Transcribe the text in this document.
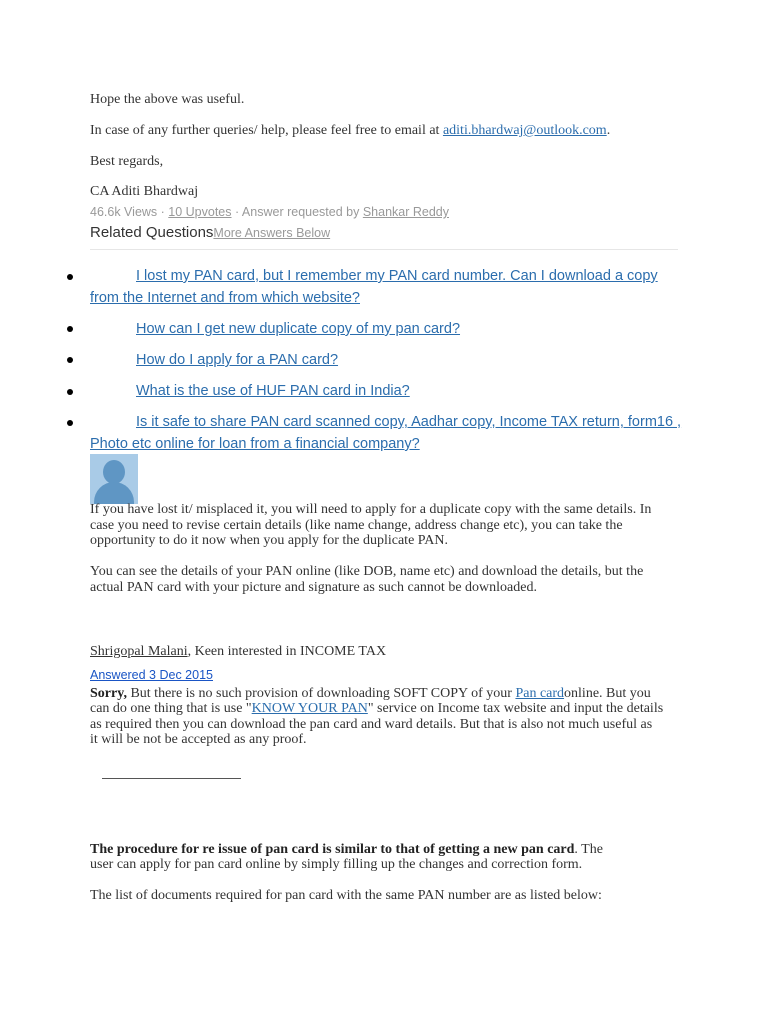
Hope the above was useful.
In case of any further queries/ help, please feel free to email at aditi.bhardwaj@outlook.com.
Best regards,
CA Aditi Bhardwaj
46.6k Views · 10 Upvotes · Answer requested by Shankar Reddy
Related QuestionsMore Answers Below
I lost my PAN card, but I remember my PAN card number. Can I download a copy
from the Internet and from which website?
How can I get new duplicate copy of my pan card?
How do I apply for a PAN card?
What is the use of HUF PAN card in India?
Is it safe to share PAN card scanned copy, Aadhar copy, Income TAX return, form16 ,
Photo etc online for loan from a financial company?
If you have lost it/ misplaced it, you will need to apply for a duplicate copy with the same details. In
case you need to revise certain details (like name change, address change etc), you can take the
opportunity to do it now when you apply for the duplicate PAN.
You can see the details of your PAN online (like DOB, name etc) and download the details, but the
actual PAN card with your picture and signature as such cannot be downloaded.
Shrigopal Malani, Keen interested in INCOME TAX
Answered 3 Dec 2015
Sorry, But there is no such provision of downloading SOFT COPY of your Pan cardonline. But you
can do one thing that is use "KNOW YOUR PAN" service on Income tax website and input the details
as required then you can download the pan card and ward details. But that is also not much useful as
it will be not be accepted as any proof.
The procedure for re issue of pan card is similar to that of getting a new pan card. The
user can apply for pan card online by simply filling up the changes and correction form.
The list of documents required for pan card with the same PAN number are as listed below:
